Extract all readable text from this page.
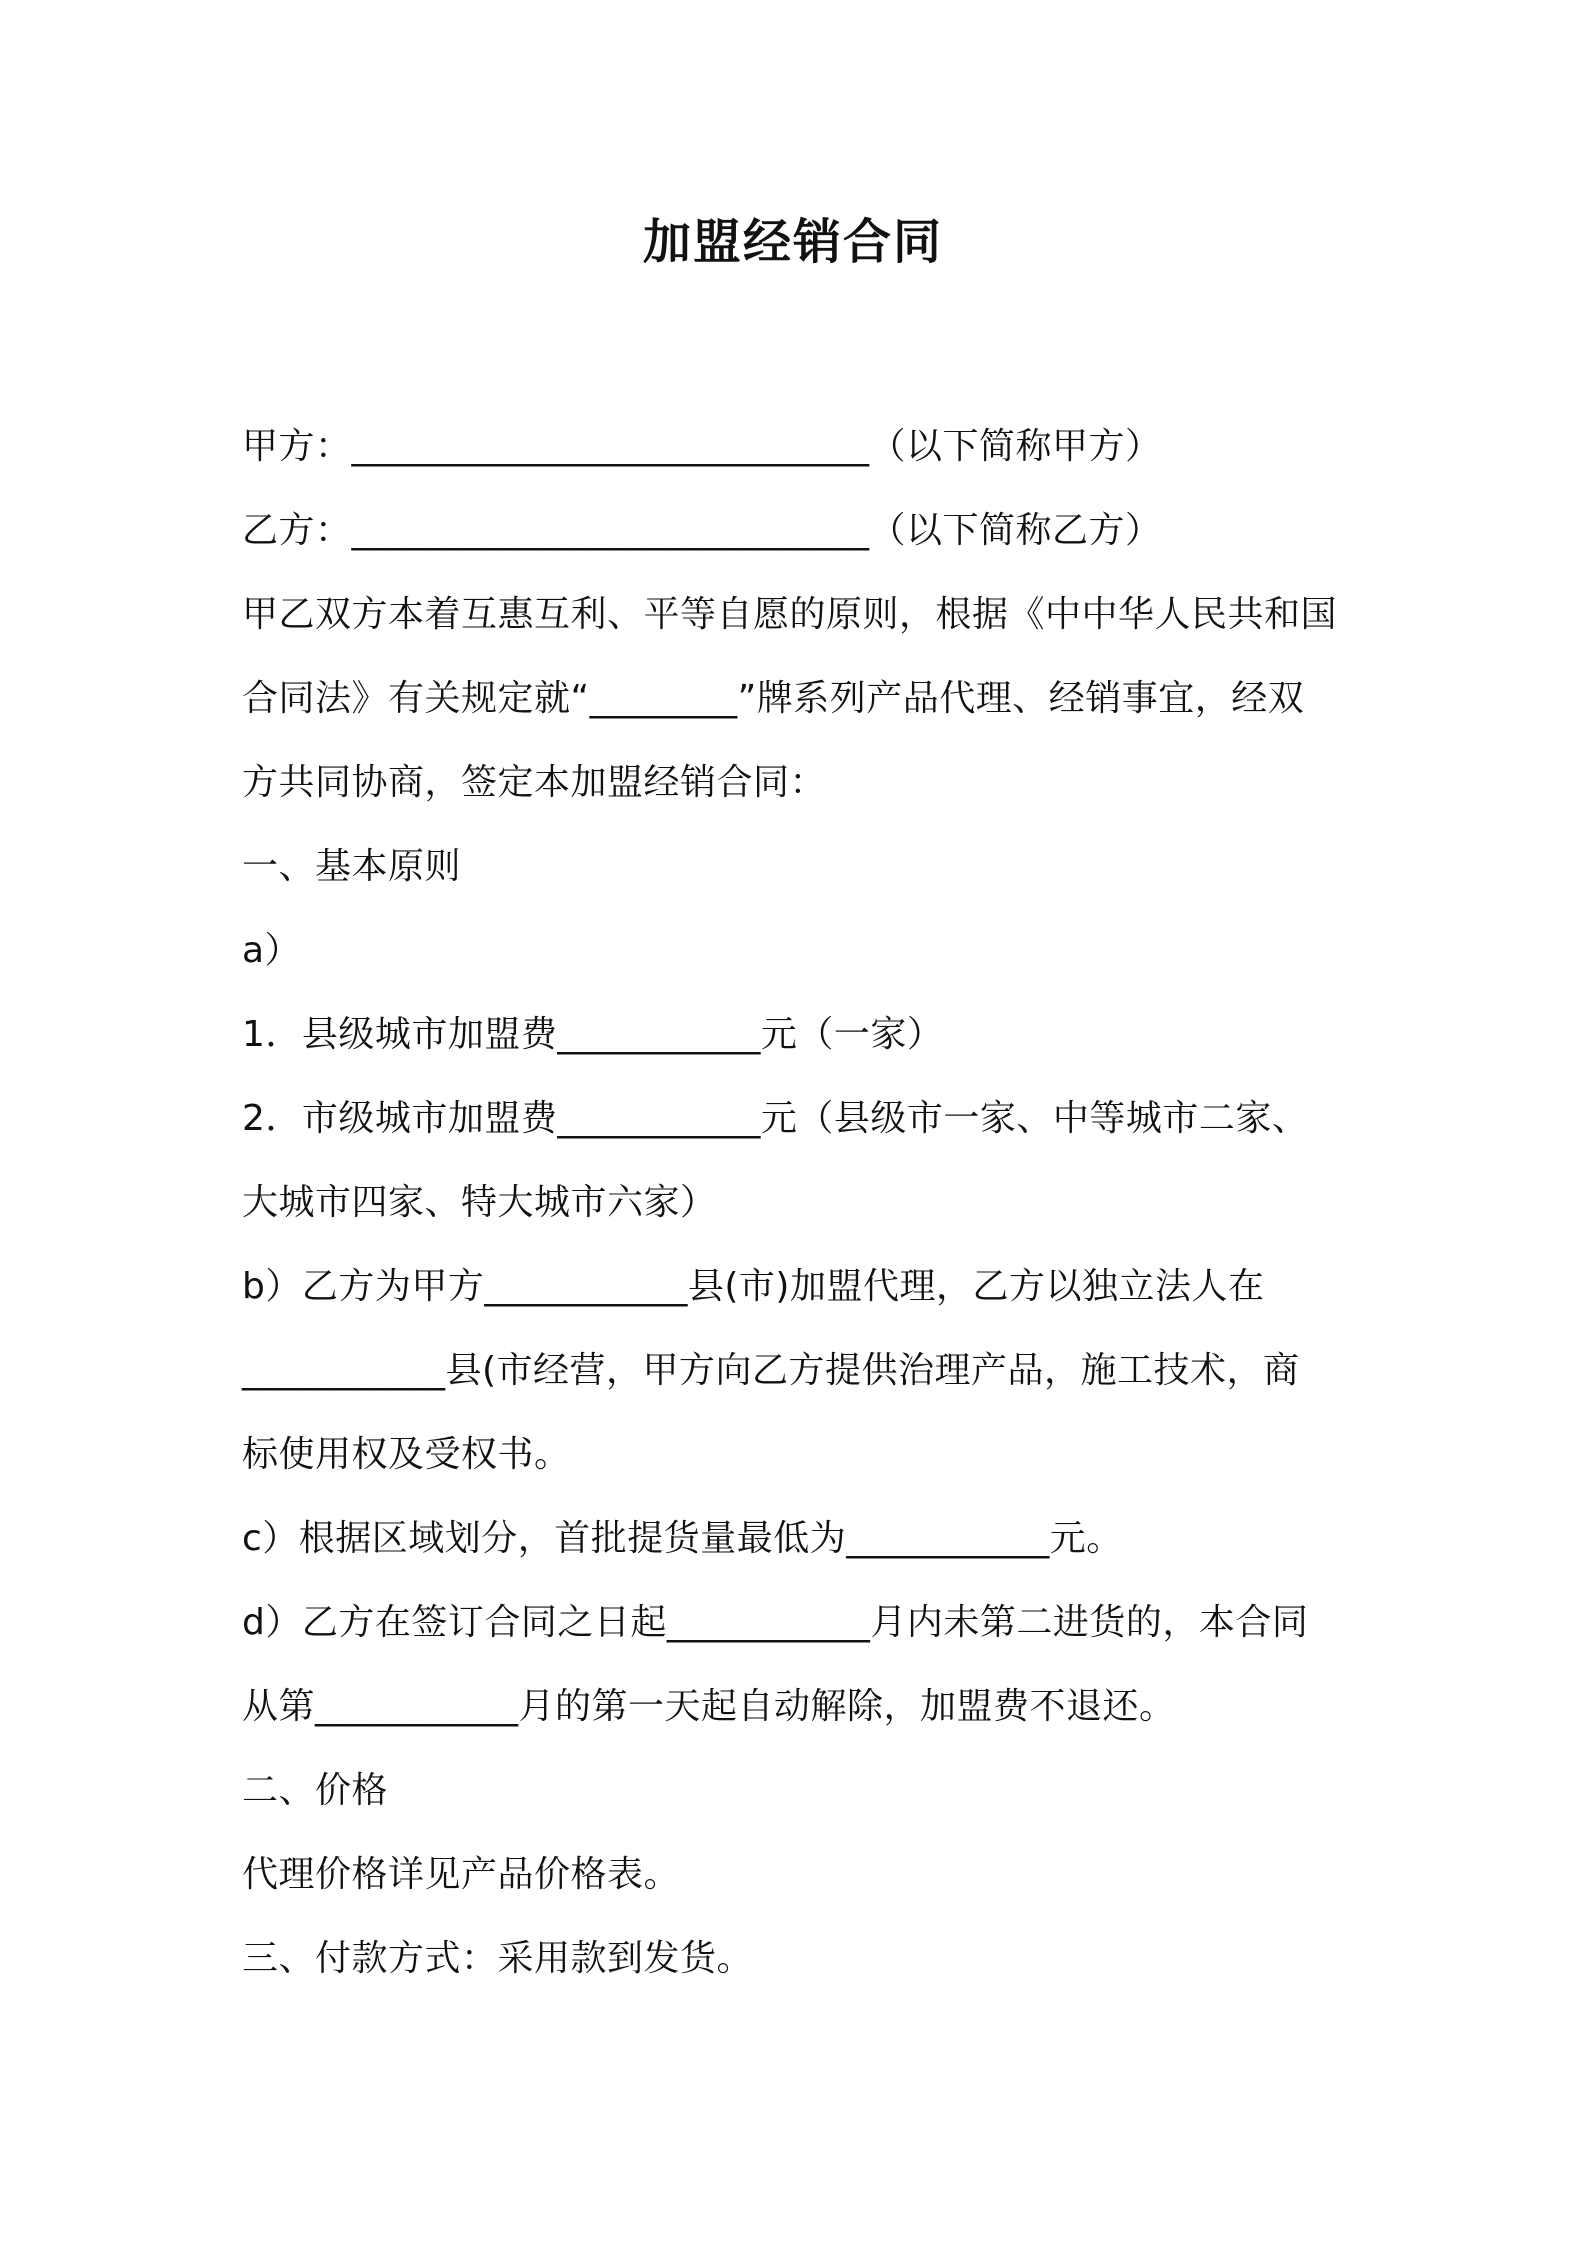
加盟经销合同
甲方：____________________________（以下简称甲方）
乙方：____________________________（以下简称乙方）
甲乙双方本着互惠互利、平等自愿的原则，根据《中中华人民共和国
合同法》有关规定就“________”牌系列产品代理、经销事宜，经双
方共同协商，签定本加盟经销合同：
一、基本原则
a）
1．县级城市加盟费___________元（一家）
2．市级城市加盟费___________元（县级市一家、中等城市二家、
大城市四家、特大城市六家）
b）乙方为甲方___________县(市)加盟代理，乙方以独立法人在
___________县(市经营，甲方向乙方提供治理产品，施工技术，商
标使用权及受权书。
c）根据区域划分，首批提货量最低为___________元。
d）乙方在签订合同之日起___________月内未第二进货的，本合同
从第___________月的第一天起自动解除，加盟费不退还。
二、价格
代理价格详见产品价格表。
三、付款方式：采用款到发货。
